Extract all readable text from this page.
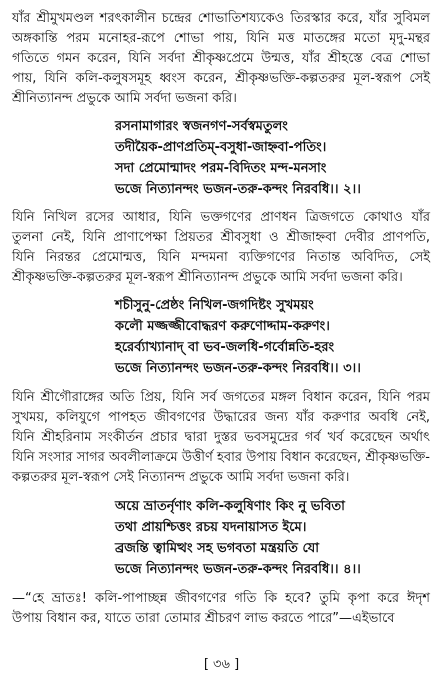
যাঁর শ্রীমুখমণ্ডল শরৎকালীন চন্দ্রের শোভাতিশয্যকেও তিরস্কার করে, যাঁর সুবিমল
অঙ্গকান্তি পরম মনোহর-রূপে শোভা পায়, যিনি মত্ত মাতঙ্গের মতো মৃদু-মন্থর
গতিতে গমন করেন, যিনি সর্বদা শ্রীকৃষ্ণপ্রেমে উন্মত্ত, যাঁর শ্রীহস্তে বেত্র শোভা
পায়, যিনি কলি-কলুষসমূহ ধ্বংস করেন, শ্রীকৃষ্ণভক্তি-কল্পতরুর মূল-স্বরূপ সেই
শ্রীনিত্যানন্দ প্রভুকে আমি সর্বদা ভজনা করি।
রসনামাগারং স্বজনগণ-সর্বস্বমতুলং
তদীয়ৈক-প্রাণপ্রতিম্-বসুধা-জাহ্নবা-পতিং।
সদা প্রেমোন্মাদং পরম-বিদিতং মন্দ-মনসাং
ভজে নিত্যানন্দং ভজন-তরু-কন্দং নিরবধি।। ২।।
যিনি নিখিল রসের আধার, যিনি ভক্তগণের প্রাণধন ত্রিজগতে কোথাও যাঁর
তুলনা নেই, যিনি প্রাণাপেক্ষা প্রিয়তর শ্রীবসুধা ও শ্রীজাহ্নবা দেবীর প্রাণপতি,
যিনি নিরন্তর প্রেমোন্মত্ত, যিনি মন্দমনা ব্যক্তিগণের নিতান্ত অবিদিত, সেই
শ্রীকৃষ্ণভক্তি-কল্পতরুর মূল-স্বরূপ শ্রীনিত্যানন্দ প্রভুকে আমি সর্বদা ভজনা করি।
শচীসুনু-প্রেষ্ঠং নিখিল-জগদিষ্টং সুখময়ং
কলৌ মজ্জজ্জীবোদ্ধরণ করুণোদ্দাম-করুণং।
হরের্ব্যাখ্যানাদ্ বা ভব-জলধি-গর্বোন্নতি-হরং
ভজে নিত্যানন্দং ভজন-তরু-কন্দং নিরবধি।। ৩।।
যিনি শ্রীগৌরাঙ্গের অতি প্রিয়, যিনি সর্ব জগতের মঙ্গল বিধান করেন, যিনি পরম
সুখময়, কলিযুগে পাপহত জীবগণের উদ্ধারের জন্য যাঁর করুণার অবধি নেই,
যিনি শ্রীহরিনাম সংকীর্তন প্রচার দ্বারা দুস্তর ভবসমুদ্রের গর্ব খর্ব করেছেন অর্থাৎ
যিনি সংসার সাগর অবলীলাক্রমে উত্তীর্ণ হবার উপায় বিধান করেছেন, শ্রীকৃষ্ণভক্তি-
কল্পতরুর মূল-স্বরূপ সেই নিত্যানন্দ প্রভুকে আমি সর্বদা ভজনা করি।
অয়ে ভ্রাতর্নৃণাং কলি-কলুষিণাং কিং নু ভবিতা
তথা প্রায়শ্চিত্তং রচয় যদনায়াসত ইমে।
ব্রজন্তি ত্বামিত্থং সহ ভগবতা মন্ত্রয়তি যো
ভজে নিত্যানন্দং ভজন-তরু-কন্দং নিরবধি।। ৪।।
—“হে ভ্রাতঃ! কলি-পাপাচ্ছন্ন জীবগণের গতি কি হবে? তুমি কৃপা করে ঈদৃশ
উপায় বিধান কর, যাতে তারা তোমার শ্রীচরণ লাভ করতে পারে”—এইভাবে
[ ৩৬ ]
